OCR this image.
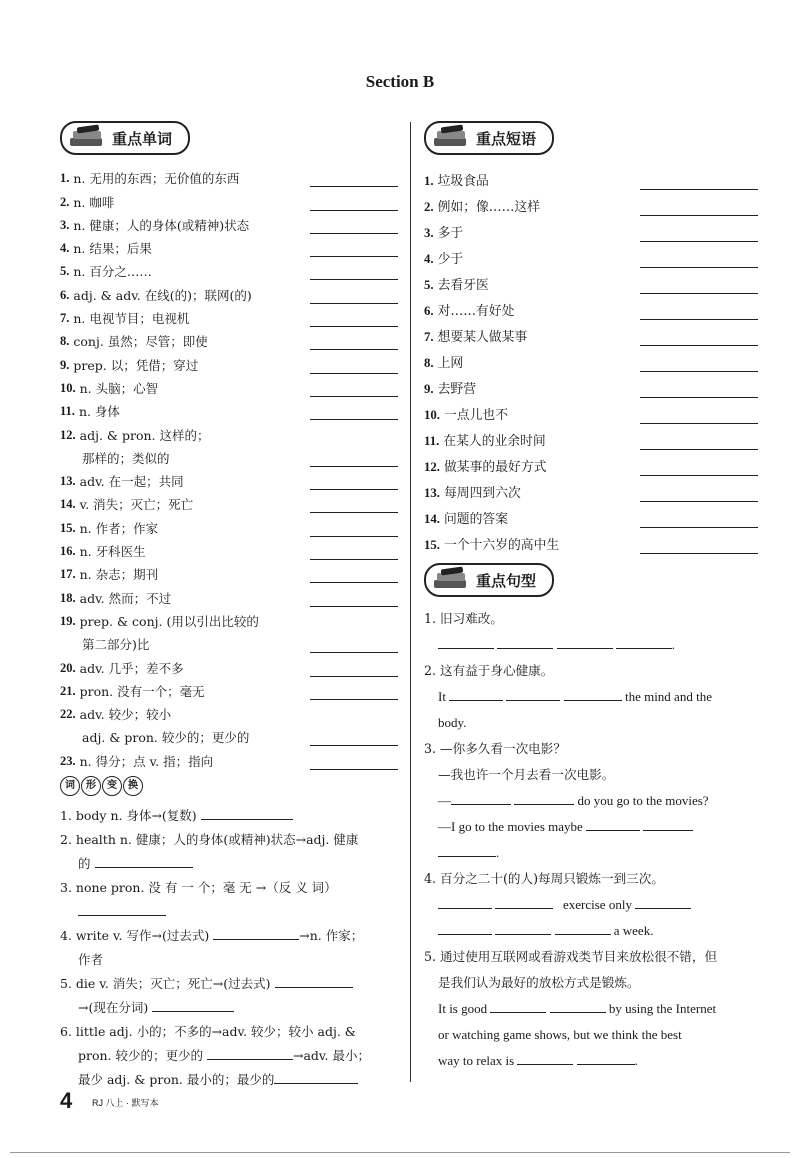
Section B
重点单词
1. n. 无用的东西；无价值的东西
2. n. 咖啡
3. n. 健康；人的身体(或精神)状态
4. n. 结果；后果
5. n. 百分之……
6. adj. & adv. 在线(的)；联网(的)
7. n. 电视节目；电视机
8. conj. 虽然；尽管；即使
9. prep. 以；凭借；穿过
10. n. 头脑；心智
11. n. 身体
12. adj. & pron. 这样的；
那样的；类似的
13. adv. 在一起；共同
14. v. 消失；灭亡；死亡
15. n. 作者；作家
16. n. 牙科医生
17. n. 杂志；期刊
18. adv. 然而；不过
19. prep. & conj. (用以引出比较的
第二部分)比
20. adv. 几乎；差不多
21. pron. 没有一个；毫无
22. adv. 较少；较小
adj. & pron. 较少的；更少的
23. n. 得分；点 v. 指；指向
词	形	变	换

1. body n. 身体→(复数)

2. health n. 健康；人的身体(或精神)状态→adj. 健康

的

3. none pron. 没 有 一 个；毫 无 →（反 义 词）

4. write v. 写作→(过去式)	→n. 作家；

作者

5. die v. 消失；灭亡；死亡→(过去式)

→(现在分词)

6. little adj. 小的；不多的→adv. 较少；较小 adj. &

pron. 较少的；更少的	→adv. 最小；

最少 adj. & pron. 最小的；最少的

重点短语
1. 垃圾食品
2. 例如；像……这样
3. 多于
4. 少于
5. 去看牙医
6. 对……有好处
7. 想要某人做某事
8. 上网
9. 去野营
10. 一点儿也不
11. 在某人的业余时间
12. 做某事的最好方式
13. 每周四到六次
14. 问题的答案
15. 一个十六岁的高中生
重点句型

1. 旧习难改。

.

2. 这有益于身心健康。

It	the mind and the

body.

3. —你多久看一次电影？

—我也许一个月去看一次电影。

—	do you go to the movies?

—I go to the movies maybe

.

4. 百分之二十(的人)每周只锻炼一到三次。

exercise only

a week.

5. 通过使用互联网或看游戏类节目来放松很不错，但

是我们认为最好的放松方式是锻炼。

It is good	by using the Internet

or watching game shows, but we think the best

way to relax is	.

4 RJ 八上 · 默写本
